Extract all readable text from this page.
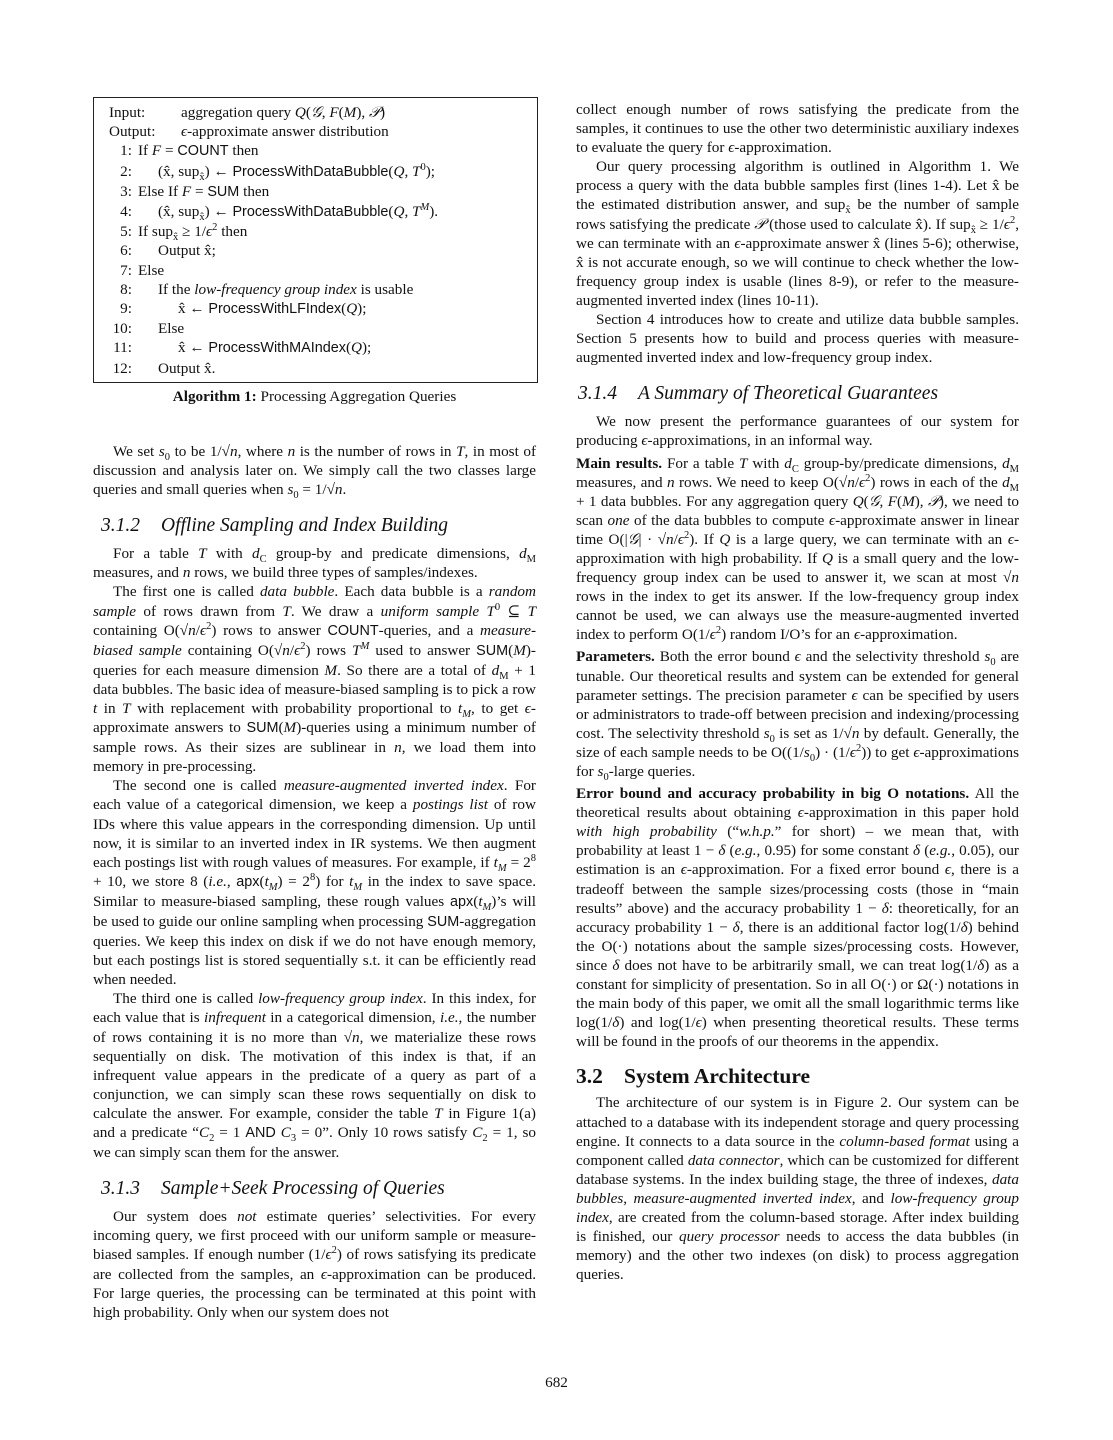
Input:	aggregation query Q(𝒢, F(M), 𝒫)
Output:	ϵ-approximate answer distribution
1: If F = COUNT then
2:	(x̂, sup$_{x̂}$) ← ProcessWithDataBubble(Q, $T^0$);
3: Else If F = SUM then
4:	(x̂, sup$_{x̂}$) ← ProcessWithDataBubble(Q, $T^M$).
5: If $sup_{x̂} \ge 1/\epsilon^2$ then
6:	Output x̂;
7: Else
8:	If the low-frequency group index is usable
9:	x̂ ← ProcessWithLFIndex(Q);
10:	Else
11:	x̂ ← ProcessWithMAIndex(Q);
12:	Output x̂.
Algorithm 1: Processing Aggregation Queries

We set $s_0$ to be 1/√n, where n is the number of rows in T, in most of discussion and analysis later on. We simply call the two classes large queries and small queries when $s_0 = 1/√n$.

3.1.2 Offline Sampling and Index Building

For a table T with $d_C$ group-by and predicate dimensions, $d_M$ measures, and n rows, we build three types of samples/indexes.

The first one is called data bubble. Each data bubble is a random sample of rows drawn from T. We draw a uniform sample $T^0$ ⊆ T containing $O(√n/\epsilon^2)$ rows to answer COUNT-queries, and a measure-biased sample containing $O(√n/\epsilon^2)$ rows $T^M$ used to answer SUM(M)-queries for each measure dimension M. So there are a total of $d_M + 1$ data bubbles. The basic idea of measure-biased sampling is to pick a row t in T with replacement with probability proportional to $t_M$, to get ϵ-approximate answers to SUM(M)-queries using a minimum number of sample rows. As their sizes are sublinear in n, we load them into memory in pre-processing.

The second one is called measure-augmented inverted index. For each value of a categorical dimension, we keep a postings list of row IDs where this value appears in the corresponding dimension. Up until now, it is similar to an inverted index in IR systems. We then augment each postings list with rough values of measures. For example, if $t_M = 2^8 + 10$, we store 8 (i.e., $apx(t_M) = 2^8$) for $t_M$ in the index to save space. Similar to measure-biased sampling, these rough values $apx(t_M)’s$ will be used to guide our online sampling when processing SUM-aggregation queries. We keep this index on disk if we do not have enough memory, but each postings list is stored sequentially s.t. it can be efficiently read when needed.

The third one is called low-frequency group index. In this index, for each value that is infrequent in a categorical dimension, i.e., the number of rows containing it is no more than √n, we materialize these rows sequentially on disk. The motivation of this index is that, if an infrequent value appears in the predicate of a query as part of a conjunction, we can simply scan these rows sequentially on disk to calculate the answer. For example, consider the table T in Figure 1(a) and a predicate “$C_2 = 1$ AND $C_3 = 0$”. Only 10 rows satisfy $C_2 = 1$, so we can simply scan them for the answer.

3.1.3 Sample+Seek Processing of Queries

Our system does not estimate queries’ selectivities. For every incoming query, we first proceed with our uniform sample or measure-biased samples. If enough number $(1/\epsilon^2)$ of rows satisfying its predicate are collected from the samples, an ϵ-approximation can be produced. For large queries, the processing can be terminated at this point with high probability. Only when our system does not

collect enough number of rows satisfying the predicate from the samples, it continues to use the other two deterministic auxiliary indexes to evaluate the query for ϵ-approximation.

Our query processing algorithm is outlined in Algorithm 1. We process a query with the data bubble samples first (lines 1-4). Let x̂ be the estimated distribution answer, and sup$_{x̂}$ be the number of sample rows satisfying the predicate 𝒫 (those used to calculate x̂). If $sup_{x̂} \ge 1/\epsilon^2$, we can terminate with an ϵ-approximate answer x̂ (lines 5-6); otherwise, x̂ is not accurate enough, so we will continue to check whether the low-frequency group index is usable (lines 8-9), or refer to the measure-augmented inverted index (lines 10-11).

Section 4 introduces how to create and utilize data bubble samples. Section 5 presents how to build and process queries with measure-augmented inverted index and low-frequency group index.

3.1.4 A Summary of Theoretical Guarantees

We now present the performance guarantees of our system for producing ϵ-approximations, in an informal way.

Main results. For a table T with $d_C$ group-by/predicate dimensions, $d_M$ measures, and n rows. We need to keep $O(√n/\epsilon^2)$ rows in each of the $d_M + 1$ data bubbles. For any aggregation query Q(𝒢, F(M), 𝒫), we need to scan one of the data bubbles to compute ϵ-approximate answer in linear time O(|𝒢| · $√n/\epsilon^2$). If Q is a large query, we can terminate with an ϵ-approximation with high probability. If Q is a small query and the low-frequency group index can be used to answer it, we scan at most √n rows in the index to get its answer. If the low-frequency group index cannot be used, we can always use the measure-augmented inverted index to perform $O(1/\epsilon^2)$ random I/O’s for an ϵ-approximation.

Parameters. Both the error bound ϵ and the selectivity threshold $s_0$ are tunable. Our theoretical results and system can be extended for general parameter settings. The precision parameter ϵ can be specified by users or administrators to trade-off between precision and indexing/processing cost. The selectivity threshold $s_0$ is set as 1/√n by default. Generally, the size of each sample needs to be $O((1/s_0) \cdot (1/\epsilon^2))$ to get ϵ-approximations for $s_0$-large queries.

Error bound and accuracy probability in big O notations. All the theoretical results about obtaining ϵ-approximation in this paper hold with high probability (“w.h.p.” for short) – we mean that, with probability at least 1 − δ (e.g., 0.95) for some constant δ (e.g., 0.05), our estimation is an ϵ-approximation. For a fixed error bound ϵ, there is a tradeoff between the sample sizes/processing costs (those in “main results” above) and the accuracy probability 1 − δ: theoretically, for an accuracy probability 1 − δ, there is an additional factor log(1/δ) behind the O(·) notations about the sample sizes/processing costs. However, since δ does not have to be arbitrarily small, we can treat log(1/δ) as a constant for simplicity of presentation. So in all O(·) or Ω(·) notations in the main body of this paper, we omit all the small logarithmic terms like log(1/δ) and log(1/ϵ) when presenting theoretical results. These terms will be found in the proofs of our theorems in the appendix.

3.2 System Architecture

The architecture of our system is in Figure 2. Our system can be attached to a database with its independent storage and query processing engine. It connects to a data source in the column-based format using a component called data connector, which can be customized for different database systems. In the index building stage, the three of indexes, data bubbles, measure-augmented inverted index, and low-frequency group index, are created from the column-based storage. After index building is finished, our query processor needs to access the data bubbles (in memory) and the other two indexes (on disk) to process aggregation queries.

682
